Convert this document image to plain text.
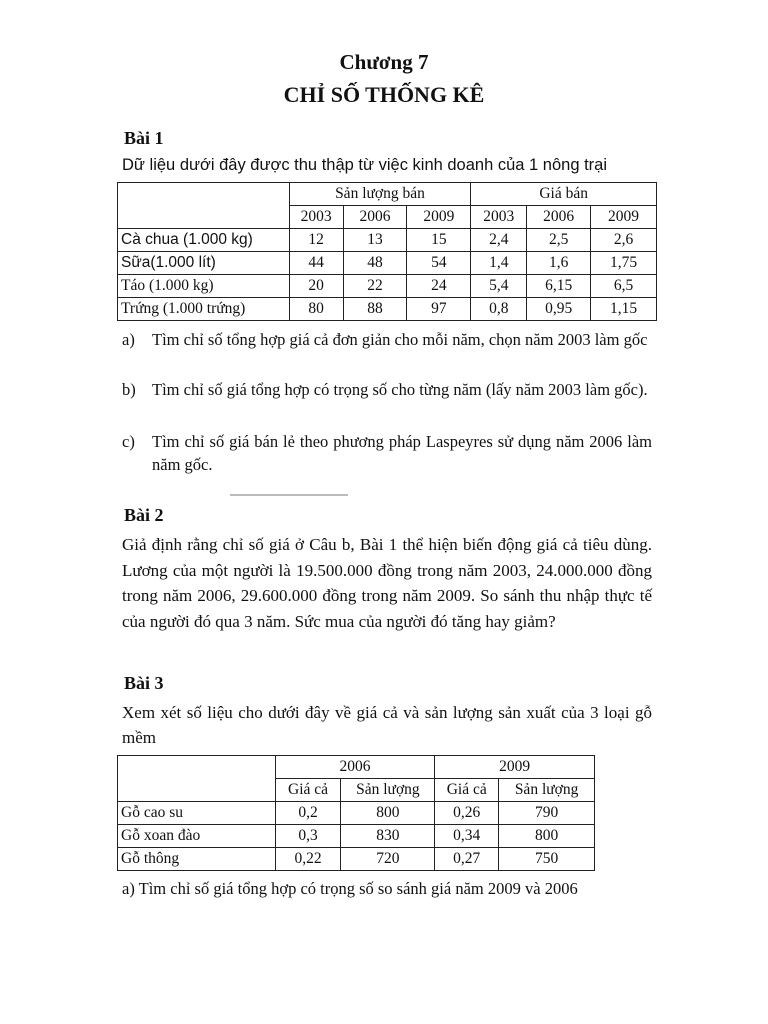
Chương 7
CHỈ SỐ THỐNG KÊ
Bài 1
Dữ liệu dưới đây được thu thập từ việc kinh doanh của 1 nông trại
	Sản lượng bán			Giá bán		
	2003	2006	2009	2003	2006	2009
Cà chua (1.000 kg)	12	13	15	2,4	2,5	2,6
Sữa(1.000 lít)	44	48	54	1,4	1,6	1,75
Táo (1.000 kg)	20	22	24	5,4	6,15	6,5
Trứng (1.000 trứng)	80	88	97	0,8	0,95	1,15
a) Tìm chỉ số tổng hợp giá cả đơn giản cho mỗi năm, chọn năm 2003 làm gốc
b) Tìm chỉ số giá tổng hợp có trọng số cho từng năm (lấy năm 2003 làm gốc).
c) Tìm chỉ số giá bán lẻ theo phương pháp Laspeyres sử dụng năm 2006 làm năm gốc.
Bài 2
Giả định rằng chỉ số giá ở Câu b, Bài 1 thể hiện biến động giá cả tiêu dùng. Lương của một người là 19.500.000 đồng trong năm 2003, 24.000.000 đồng trong năm 2006, 29.600.000 đồng trong năm 2009. So sánh thu nhập thực tế của người đó qua 3 năm. Sức mua của người đó tăng hay giảm?
Bài 3
Xem xét số liệu cho dưới đây về giá cả và sản lượng sản xuất của 3 loại gỗ mềm
	2006		2009	
	Giá cả	Sản lượng	Giá cả	Sản lượng
Gỗ cao su	0,2	800	0,26	790
Gỗ xoan đào	0,3	830	0,34	800
Gỗ thông	0,22	720	0,27	750
a) Tìm chỉ số giá tổng hợp có trọng số so sánh giá năm 2009 và 2006
